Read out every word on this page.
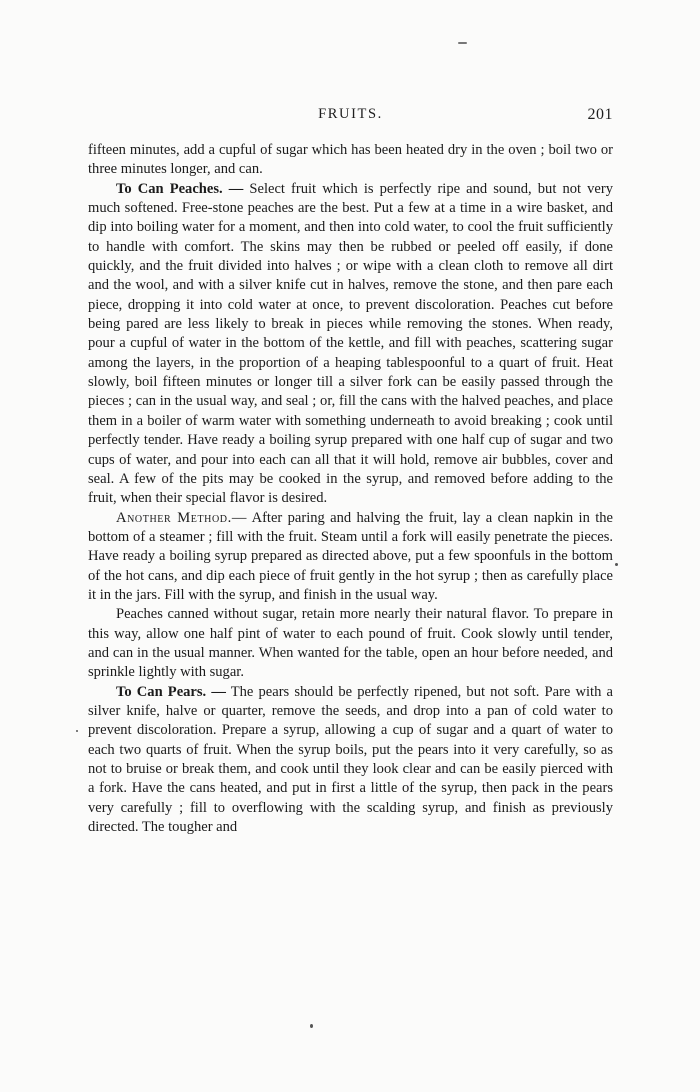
FRUITS.	201

fifteen minutes, add a cupful of sugar which has been heated dry in the oven ; boil two or three minutes longer, and can.

To Can Peaches. — Select fruit which is perfectly ripe and sound, but not very much softened. Free-stone peaches are the best. Put a few at a time in a wire basket, and dip into boiling water for a moment, and then into cold water, to cool the fruit sufficiently to handle with comfort. The skins may then be rubbed or peeled off easily, if done quickly, and the fruit divided into halves ; or wipe with a clean cloth to remove all dirt and the wool, and with a silver knife cut in halves, remove the stone, and then pare each piece, dropping it into cold water at once, to prevent discoloration. Peaches cut before being pared are less likely to break in pieces while removing the stones. When ready, pour a cupful of water in the bottom of the kettle, and fill with peaches, scattering sugar among the layers, in the proportion of a heaping tablespoonful to a quart of fruit. Heat slowly, boil fifteen minutes or longer till a silver fork can be easily passed through the pieces ; can in the usual way, and seal ; or, fill the cans with the halved peaches, and place them in a boiler of warm water with something underneath to avoid breaking ; cook until perfectly tender. Have ready a boiling syrup prepared with one half cup of sugar and two cups of water, and pour into each can all that it will hold, remove air bubbles, cover and seal. A few of the pits may be cooked in the syrup, and removed before adding to the fruit, when their special flavor is desired.

Another Method.— After paring and halving the fruit, lay a clean napkin in the bottom of a steamer ; fill with the fruit. Steam until a fork will easily penetrate the pieces. Have ready a boiling syrup prepared as directed above, put a few spoonfuls in the bottom of the hot cans, and dip each piece of fruit gently in the hot syrup ; then as carefully place it in the jars. Fill with the syrup, and finish in the usual way.

Peaches canned without sugar, retain more nearly their natural flavor. To prepare in this way, allow one half pint of water to each pound of fruit. Cook slowly until tender, and can in the usual manner. When wanted for the table, open an hour before needed, and sprinkle lightly with sugar.

To Can Pears. — The pears should be perfectly ripened, but not soft. Pare with a silver knife, halve or quarter, remove the seeds, and drop into a pan of cold water to prevent discoloration. Prepare a syrup, allowing a cup of sugar and a quart of water to each two quarts of fruit. When the syrup boils, put the pears into it very carefully, so as not to bruise or break them, and cook until they look clear and can be easily pierced with a fork. Have the cans heated, and put in first a little of the syrup, then pack in the pears very carefully ; fill to overflowing with the scalding syrup, and finish as previously directed. The tougher and
